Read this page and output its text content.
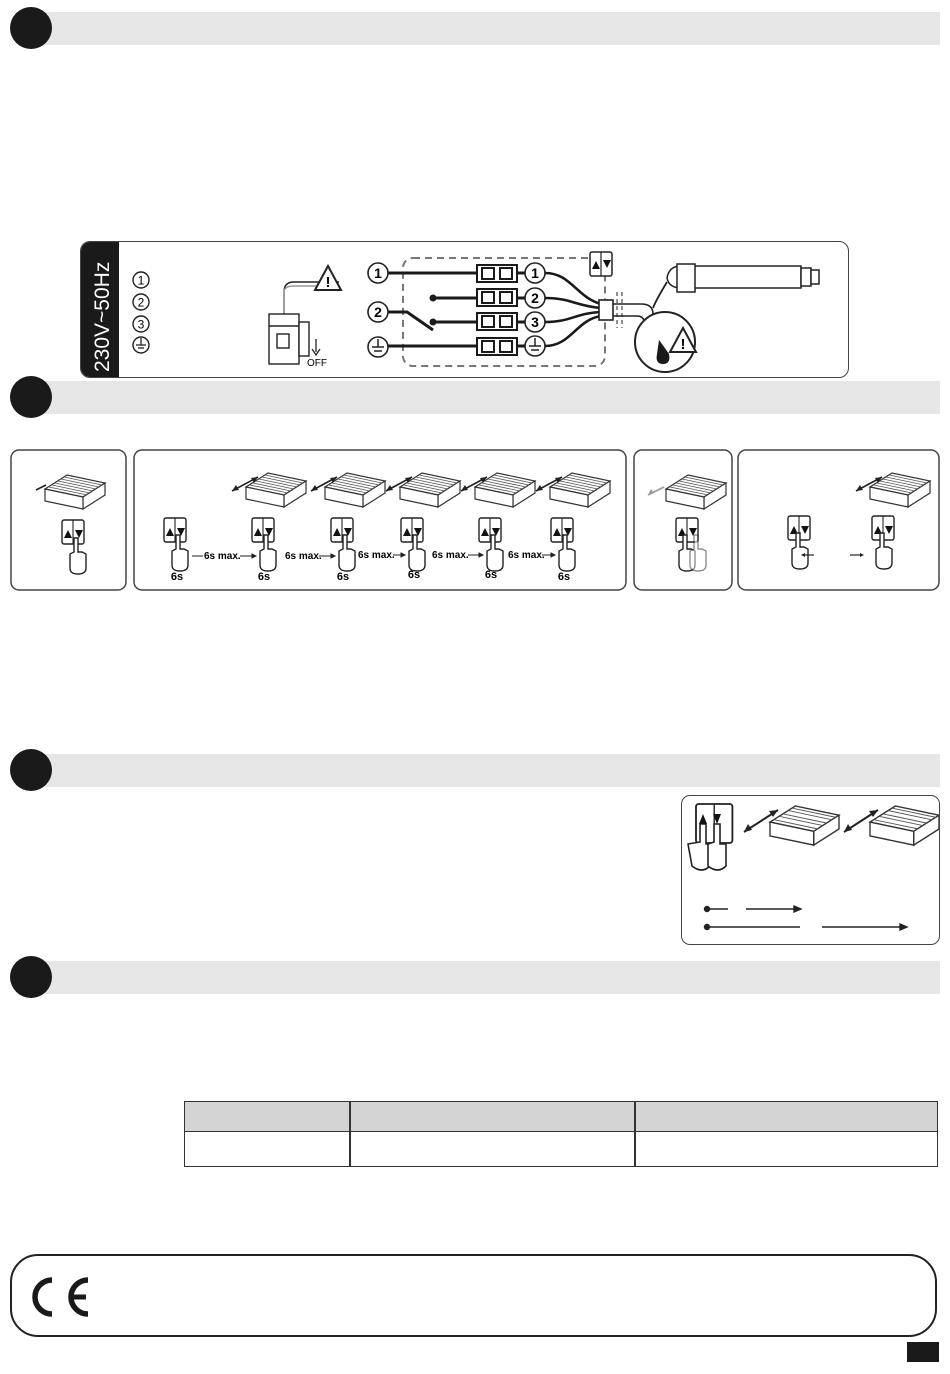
230V~50Hz 1
2
3
!
OFF
1
2
1
2
3
!
6s	6s	6s	6s	6s	6s
6s max.	6s max.	6s max.	6s max.	6s max.
